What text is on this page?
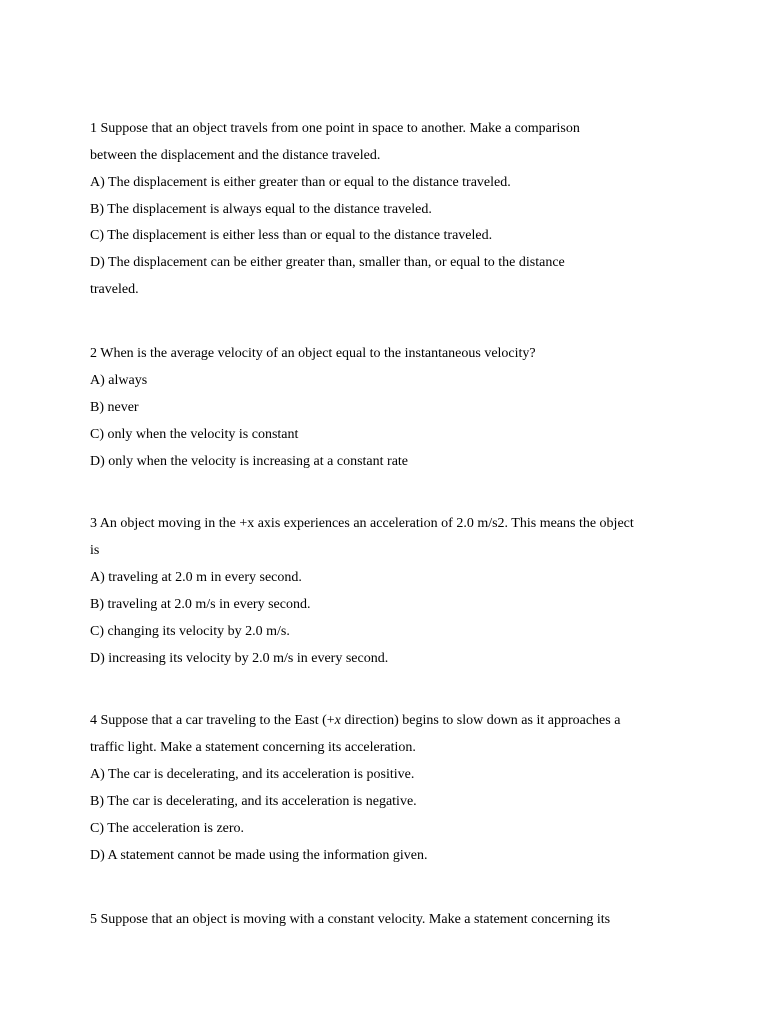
1 Suppose that an object travels from one point in space to another. Make a comparison
between the displacement and the distance traveled.
A) The displacement is either greater than or equal to the distance traveled.
B) The displacement is always equal to the distance traveled.
C) The displacement is either less than or equal to the distance traveled.
D) The displacement can be either greater than, smaller than, or equal to the distance
traveled.
2 When is the average velocity of an object equal to the instantaneous velocity?
A) always
B) never
C) only when the velocity is constant
D) only when the velocity is increasing at a constant rate
3 An object moving in the +x axis experiences an acceleration of 2.0 m/s2. This means the object
is
A) traveling at 2.0 m in every second.
B) traveling at 2.0 m/s in every second.
C) changing its velocity by 2.0 m/s.
D) increasing its velocity by 2.0 m/s in every second.
4 Suppose that a car traveling to the East (+x direction) begins to slow down as it approaches a
traffic light. Make a statement concerning its acceleration.
A) The car is decelerating, and its acceleration is positive.
B) The car is decelerating, and its acceleration is negative.
C) The acceleration is zero.
D) A statement cannot be made using the information given.
5 Suppose that an object is moving with a constant velocity. Make a statement concerning its
